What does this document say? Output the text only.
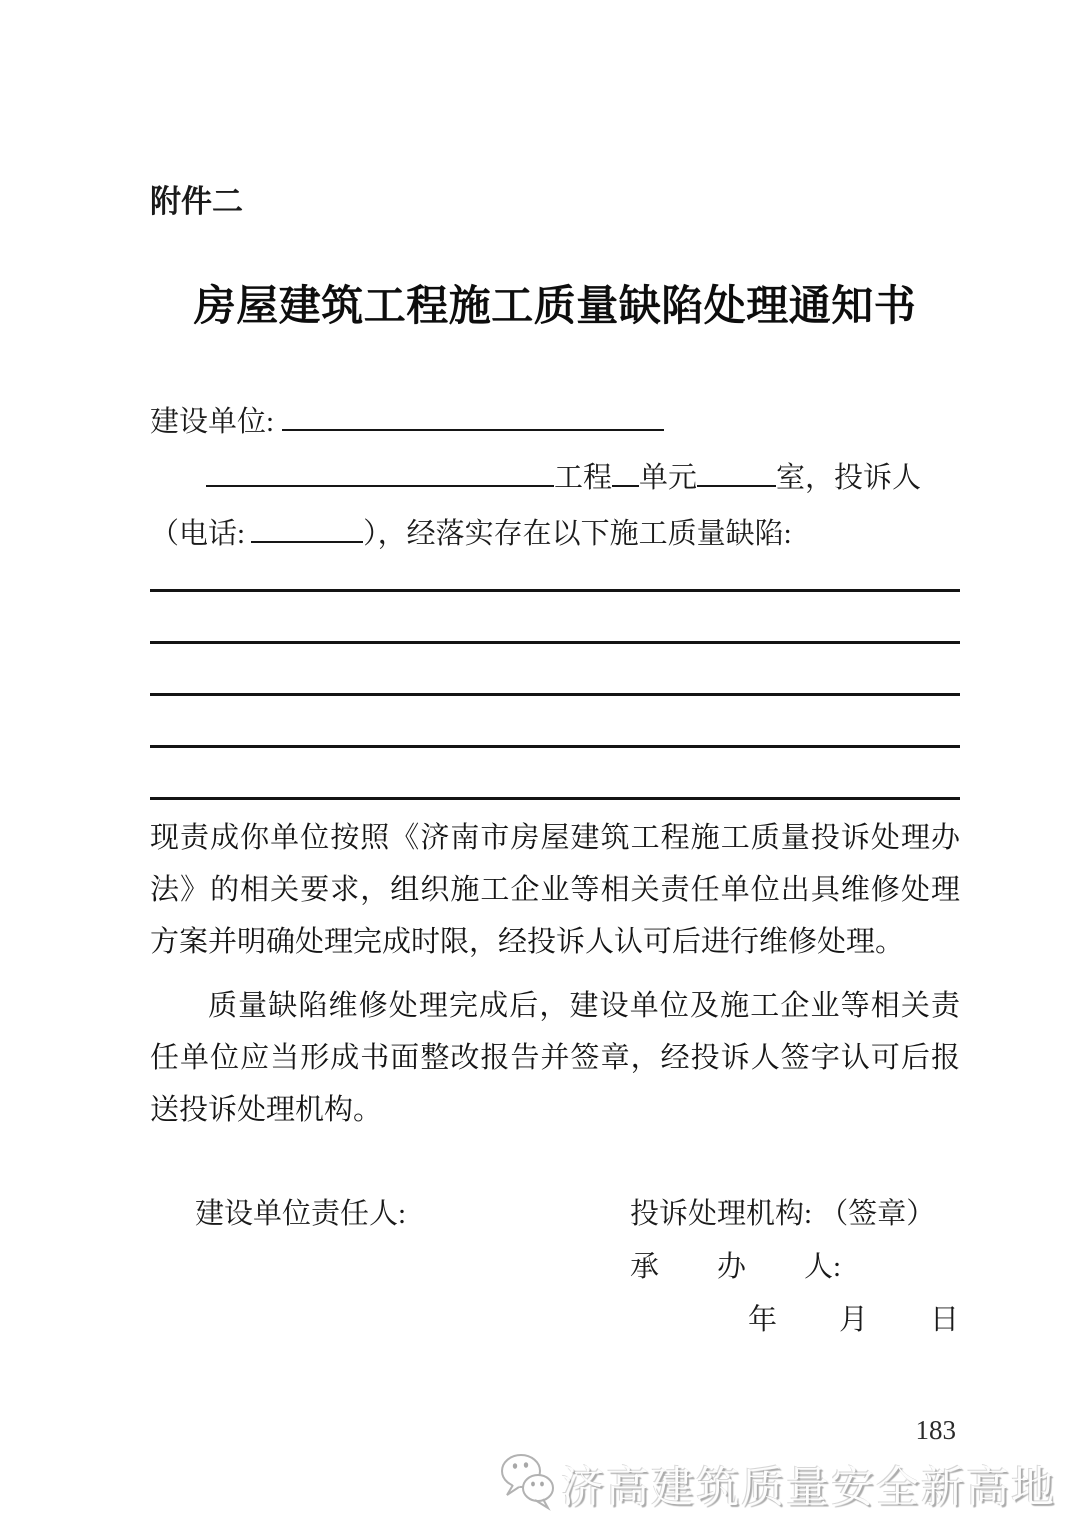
附件二
房屋建筑工程施工质量缺陷处理通知书
建设单位:
工程 单元	室，投诉人
（电话:	），经落实存在以下施工质量缺陷:

现责成你单位按照《济南市房屋建筑工程施工质量投诉处理办法》的相关要求，组织施工企业等相关责任单位出具维修处理方案并明确处理完成时限，经投诉人认可后进行维修处理。

质量缺陷维修处理完成后，建设单位及施工企业等相关责任单位应当形成书面整改报告并签章，经投诉人签字认可后报送投诉处理机构。

建设单位责任人:	投诉处理机构: （签章）
承　　办　　人:
年 月 日
183
济高建筑质量安全新高地
